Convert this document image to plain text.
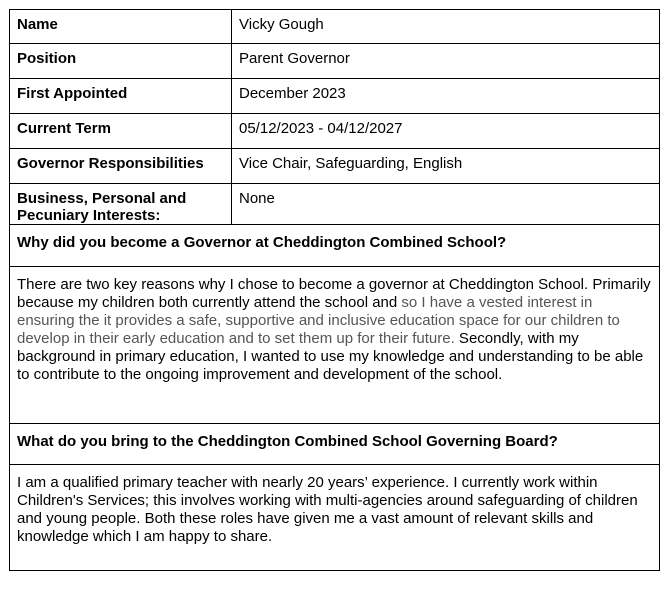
Name	Vicky Gough
Position	Parent Governor
First Appointed	December 2023
Current Term	05/12/2023 - 04/12/2027
Governor Responsibilities	Vice Chair, Safeguarding, English
Business, Personal and Pecuniary Interests:	None
Why did you become a Governor at Cheddington Combined School?	
There are two key reasons why I chose to become a governor at Cheddington School. Primarily because my children both currently attend the school and so I have a vested interest in ensuring the it provides a safe, supportive and inclusive education space for our children to develop in their early education and to set them up for their future. Secondly, with my background in primary education, I wanted to use my knowledge and understanding to be able to contribute to the ongoing improvement and development of the school.	
What do you bring to the Cheddington Combined School Governing Board?	
I am a qualified primary teacher with nearly 20 years’ experience. I currently work within Children's Services; this involves working with multi-agencies around safeguarding of children and young people. Both these roles have given me a vast amount of relevant skills and knowledge which I am happy to share.	
